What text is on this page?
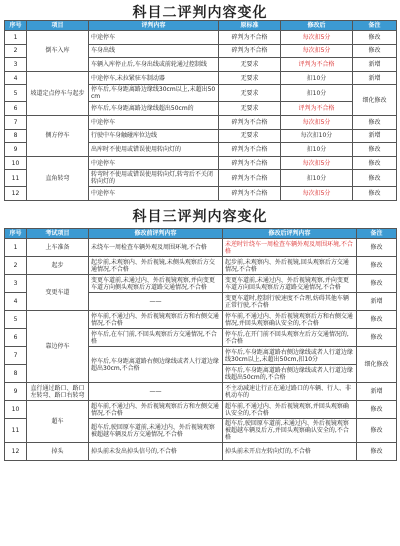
科目二评判内容变化
序号	项目	评判内容	原标准	修改后	备注
1	倒车入库	中途停车	碎判为不合格	每次扣5分	修改
2		车身出线	碎判为不合格	每次扣5分	修改
3		车辆入库停止后,车身出线或前轮通过控制线	无要求	评判为不合格	新增
4	坡道定点停车与起步	中途停车,未拉紧驻车制动器	无要求	扣10分	新增
5		停车后,车身距离路边缘线30cm以上,未超出50cm	无要求	扣10分	细化修改
6		停车后,车身距离路边缘线超出50cm的	无要求	评判为不合格	
7	侧方停车	中途停车	碎判为不合格	每次扣5分	修改
8		行驶中车身触碰库位边线	无要求	每次扣10分	新增
9		出库时不使用或错误使用转向灯的	碎判为不合格	扣10分	修改
10	直角转弯	中途停车	碎判为不合格	每次扣5分	修改
11		转弯时不使用或错误使用转向灯,转弯后不关闭转向灯的	碎判为不合格	扣10分	修改
12		中途停车	碎判为不合格	每次扣5分	修改
科目三评判内容变化
序号	考试项目	修改前评判内容	修改后评判内容	备注
1	上车准备	未绕车一周检查车辆外观及周围环境,不合格	未逆时针绕车一周检查车辆外观及周围环境,不合格	修改
2	起步	起步前,未观察内、外后视镜,未侧头观察后方交通情况,不合格	起步前,未观察内、外后视镜,回头观察后方交通情况,不合格	修改
3	变更车道	变更车道前,未通过内、外后视镜观察,并向变更车道方向侧头观察后方道路交通情况,不合格	变更车道前,未通过内、外后视镜观察,并向变更车道方向回头观察后方道路交通情况,不合格	修改
4		——	变更车道时,控制行驶速度不合理,妨碍其他车辆正常行驶,不合格	新增
5	靠边停车	停车前,不通过内、外后视镜观察后方和右侧交通情况,不合格	停车前,不通过内、外后视镜观察后方和右侧交通情况,并回头观察确认安全的,不合格	修改
6		停车后,在车门前,不回头观察后方交通情况,不合格	停车后,在开门前不回头观察左后方交通情况的,不合格	修改
7		停车后,车身距离道路右侧边缘线或者人行道边缘超出30cm,不合格	停车后,车身距离道路右侧边缘线或者人行道边缘线30cm以上,未超出50cm,扣10分	细化修改
8			停车后,车身距离道路右侧边缘线或者人行道边缘线超出50cm的,不合格	
9	直行通过路口、路口左转弯、路口右转弯	——	不主动减速让行正在通过路口的车辆、行人、非机动车的	新增
10	超车	超车前,不通过内、外后视镜观察后方和左侧交通情况,不合格	超车前,不通过内、外后视镜观察,并回头观察确认安全的,不合格	修改
11		超车后,驶回原车道前,未通过内、外后视镜观察被超越车辆及后方交通情况,不合格	超车后,驶回原车道前,未通过内、外后视镜观察被超越车辆及后方,并回头观察确认安全的,不合格	修改
12	掉头	掉头前未发出掉头信号的,不合格	掉头前未开启左转向灯的,不合格	修改
